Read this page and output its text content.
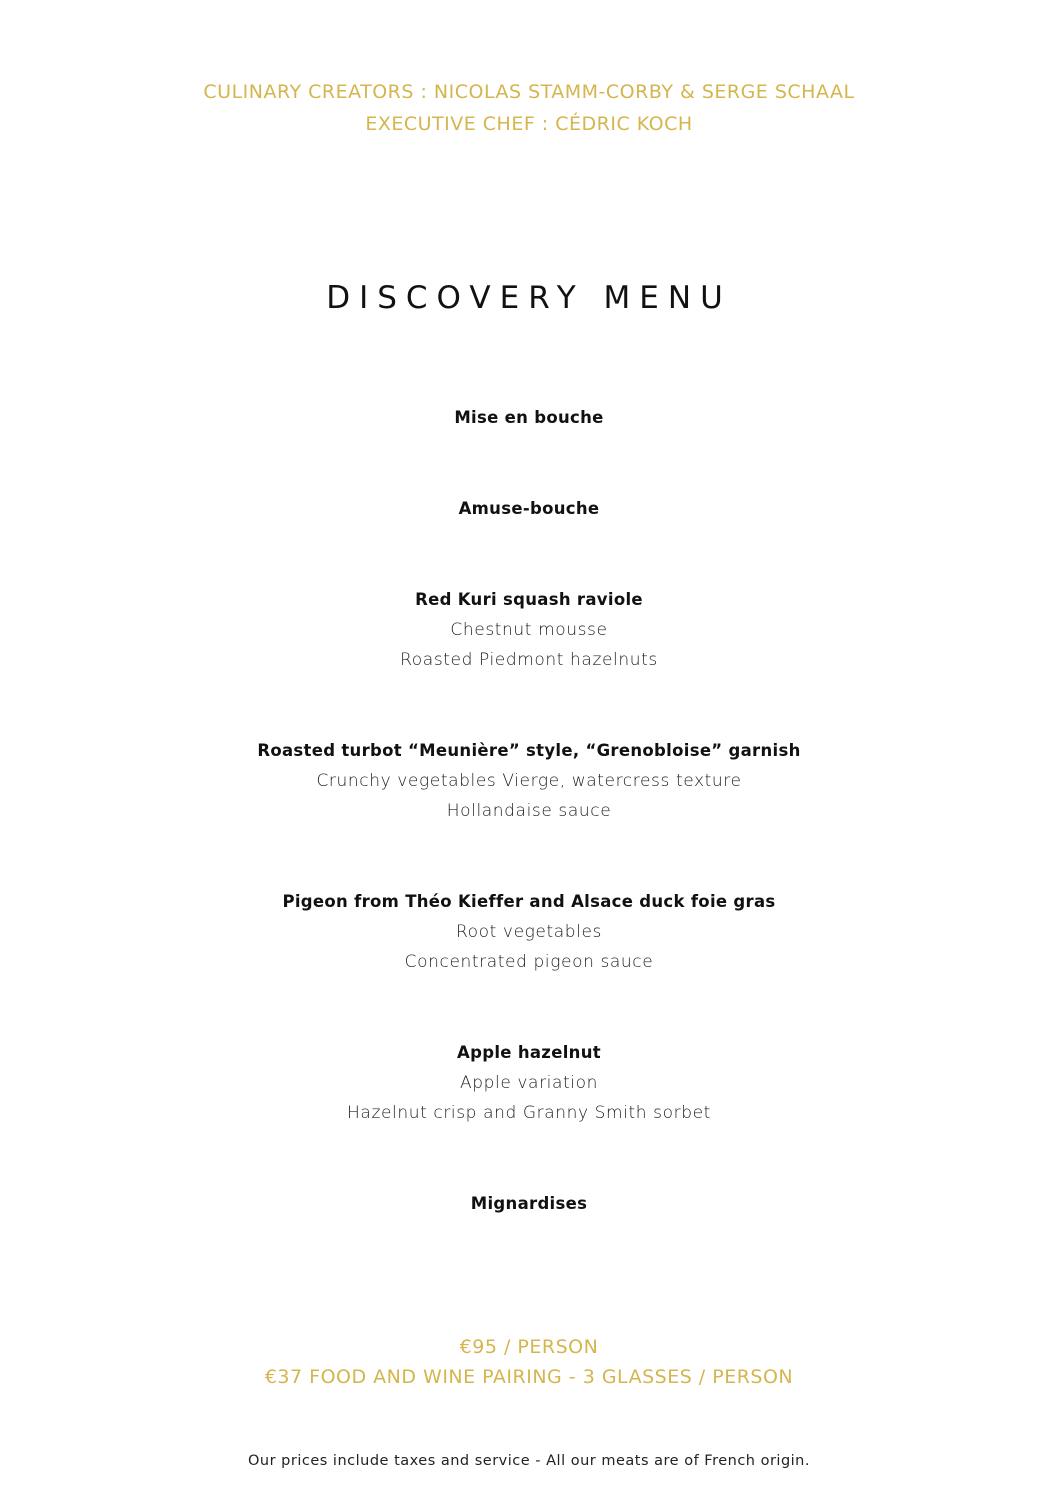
CULINARY CREATORS : NICOLAS STAMM-CORBY & SERGE SCHAAL
EXECUTIVE CHEF : CÉDRIC KOCH
DISCOVERY MENU
Mise en bouche
Amuse-bouche
Red Kuri squash raviole
Chestnut mousse
Roasted Piedmont hazelnuts
Roasted turbot “Meunière” style, “Grenobloise” garnish
Crunchy vegetables Vierge, watercress texture
Hollandaise sauce
Pigeon from Théo Kieffer and Alsace duck foie gras
Root vegetables
Concentrated pigeon sauce
Apple hazelnut
Apple variation
Hazelnut crisp and Granny Smith sorbet
Mignardises
€95 / PERSON
€37 FOOD AND WINE PAIRING - 3 GLASSES / PERSON
Our prices include taxes and service - All our meats are of French origin.
